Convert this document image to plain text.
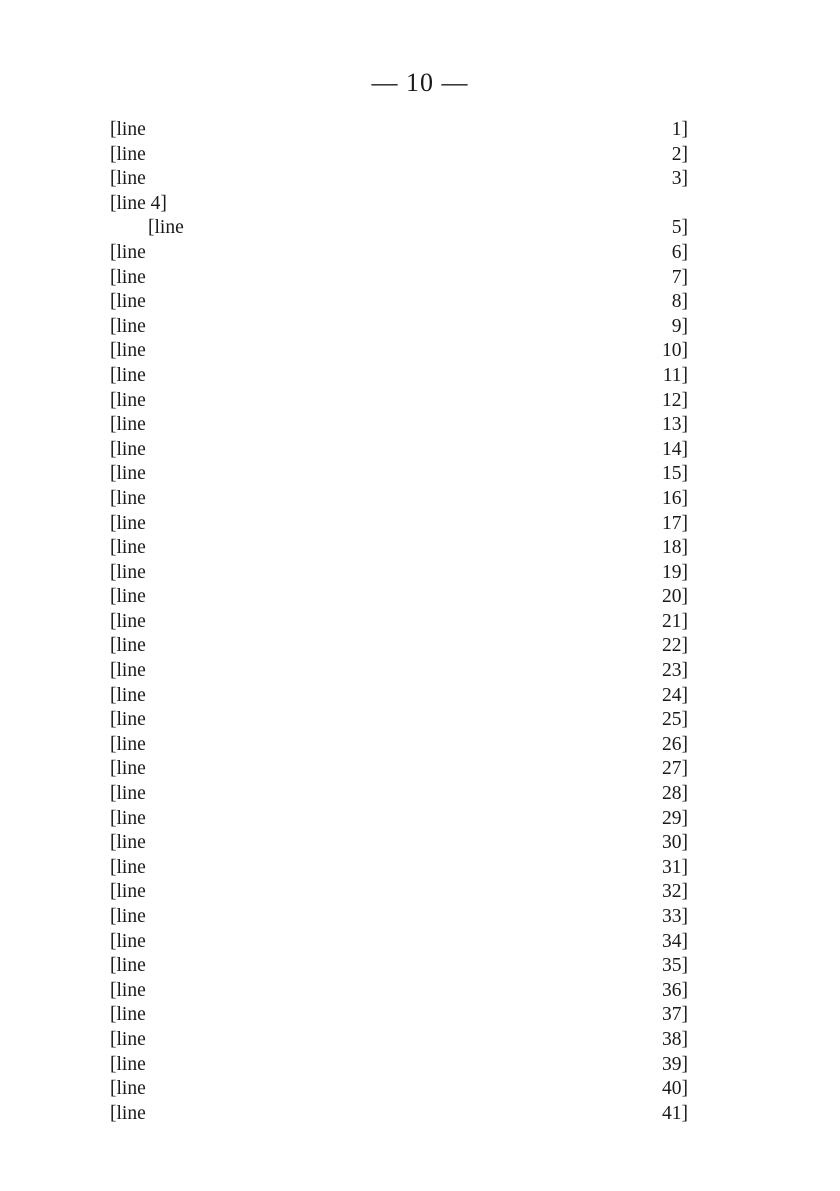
— 10 —
[line 1]
[line 2]
[line 3]
[line 4]
[line 5]
[line 6]
[line 7]
[line 8]
[line 9]
[line 10]
[line 11]
[line 12]
[line 13]
[line 14]
[line 15]
[line 16]
[line 17]
[line 18]
[line 19]
[line 20]
[line 21]
[line 22]
[line 23]
[line 24]
[line 25]
[line 26]
[line 27]
[line 28]
[line 29]
[line 30]
[line 31]
[line 32]
[line 33]
[line 34]
[line 35]
[line 36]
[line 37]
[line 38]
[line 39]
[line 40]
[line 41]
